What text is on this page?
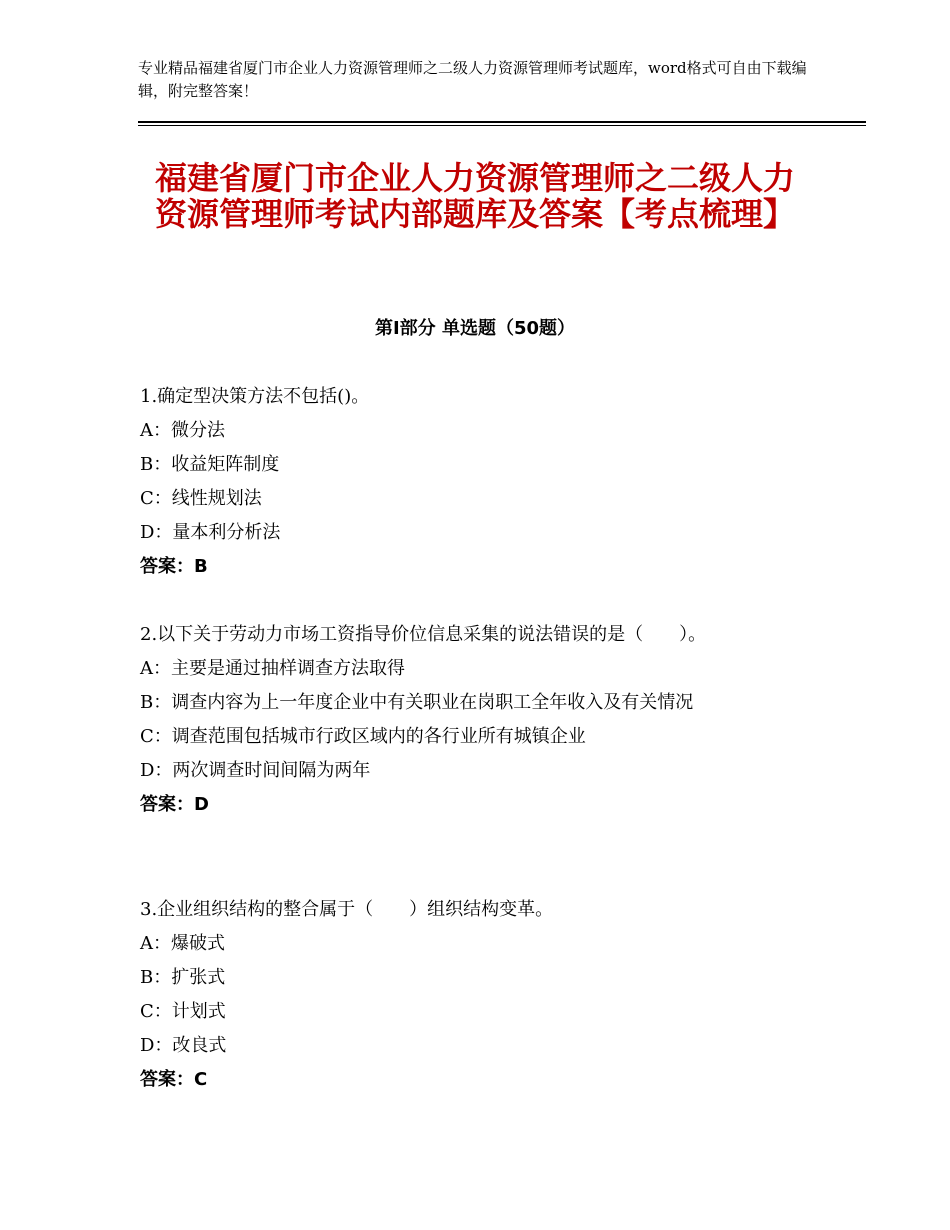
专业精品福建省厦门市企业人力资源管理师之二级人力资源管理师考试题库，word格式可自由下载编辑，附完整答案！
福建省厦门市企业人力资源管理师之二级人力资源管理师考试内部题库及答案【考点梳理】
第Ⅰ部分 单选题（50题）
1.确定型决策方法不包括()。
A：微分法
B：收益矩阵制度
C：线性规划法
D：量本利分析法
答案：B
2.以下关于劳动力市场工资指导价位信息采集的说法错误的是（　　）。
A：主要是通过抽样调查方法取得
B：调查内容为上一年度企业中有关职业在岗职工全年收入及有关情况
C：调查范围包括城市行政区域内的各行业所有城镇企业
D：两次调查时间间隔为两年
答案：D
3.企业组织结构的整合属于（　　）组织结构变革。
A：爆破式
B：扩张式
C：计划式
D：改良式
答案：C
